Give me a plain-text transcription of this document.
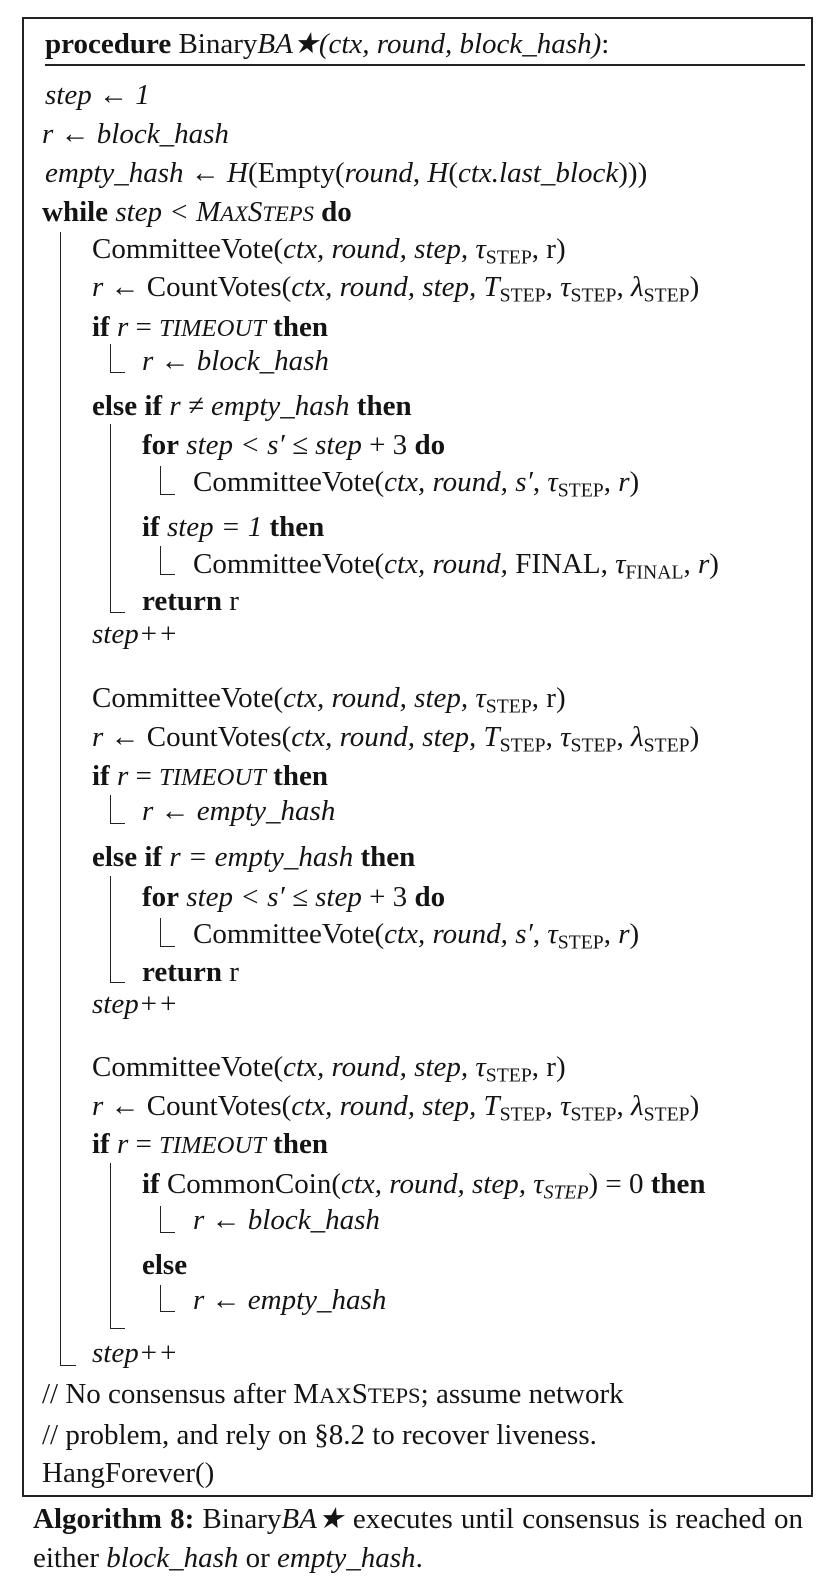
procedure BinaryBA★(ctx, round, block_hash):
step ← 1
r ← block_hash
empty_hash ← H(Empty(round, H(ctx.last_block)))
while step < MAXSTEPS do
CommitteeVote(ctx, round, step, $\tau_{STEP}$, r)
r ← CountVotes(ctx, round, step, $T_{STEP}$, $\tau_{STEP}$, $\lambda_{STEP}$)
if r = TIMEOUT then
r ← block_hash
else if r ≠ empty_hash then
for step < s′ ≤ step + 3 do
CommitteeVote(ctx, round, s′, $\tau_{STEP}$, r)
if step = 1 then
CommitteeVote(ctx, round, FINAL, $\tau_{FINAL}$, r)
return r
step++
CommitteeVote(ctx, round, step, $\tau_{STEP}$, r)
r ← CountVotes(ctx, round, step, $T_{STEP}$, $\tau_{STEP}$, $\lambda_{STEP}$)
if r = TIMEOUT then
r ← empty_hash
else if r = empty_hash then
for step < s′ ≤ step + 3 do
CommitteeVote(ctx, round, s′, $\tau_{STEP}$, r)
return r
step++
CommitteeVote(ctx, round, step, $\tau_{STEP}$, r)
r ← CountVotes(ctx, round, step, $T_{STEP}$, $\tau_{STEP}$, $\lambda_{STEP}$)
if r = TIMEOUT then
if CommonCoin(ctx, round, step, τSTEP) = 0 then
r ← block_hash
else
r ← empty_hash
step++
// No consensus after MAXSTEPS; assume network
// problem, and rely on §8.2 to recover liveness.
HangForever()
Algorithm 8: BinaryBA★ executes until consensus is reached on either block_hash or empty_hash.
